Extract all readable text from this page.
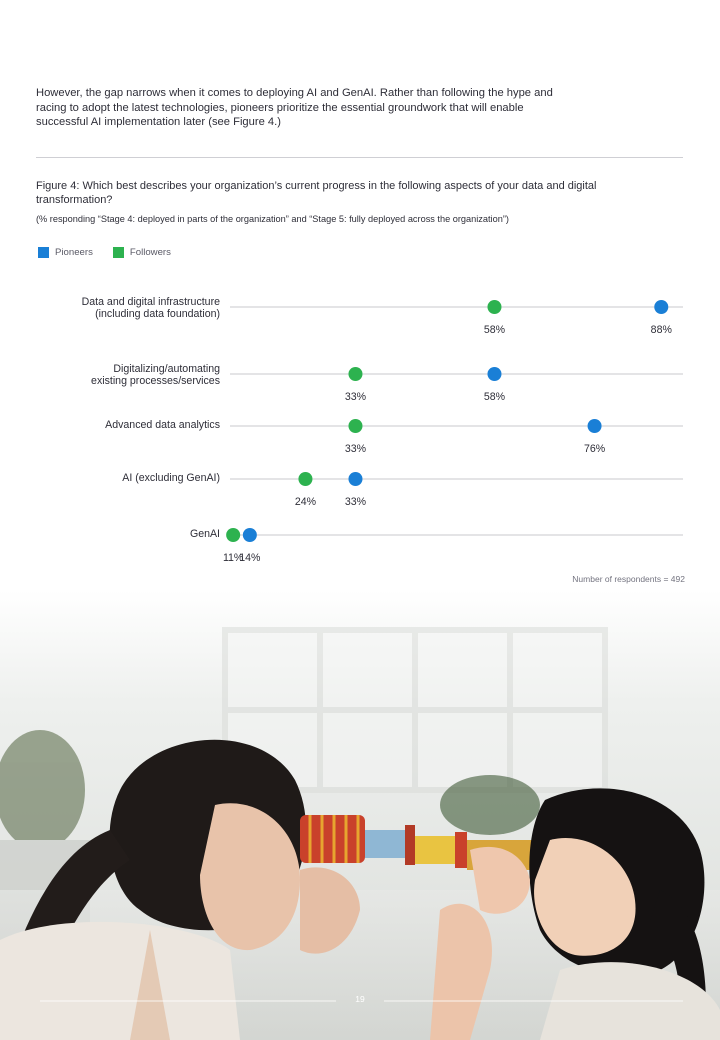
However, the gap narrows when it comes to deploying AI and GenAI. Rather than following the hype and racing to adopt the latest technologies, pioneers prioritize the essential groundwork that will enable successful AI implementation later (see Figure 4.)

Figure 4: Which best describes your organization’s current progress in the following aspects of your data and digital transformation?
(% responding “Stage 4: deployed in parts of the organization” and “Stage 5: fully deployed across the organization”)
Pioneers	Followers
Data and digital infrastructure
(including data foundation)
Digitalizing/automating
existing processes/services
Advanced data analytics
AI (excluding GenAI)
GenAI
88%
58%
76%
33%
14%
58%
33%
33%
24%
11%
Number of respondents = 492
19
